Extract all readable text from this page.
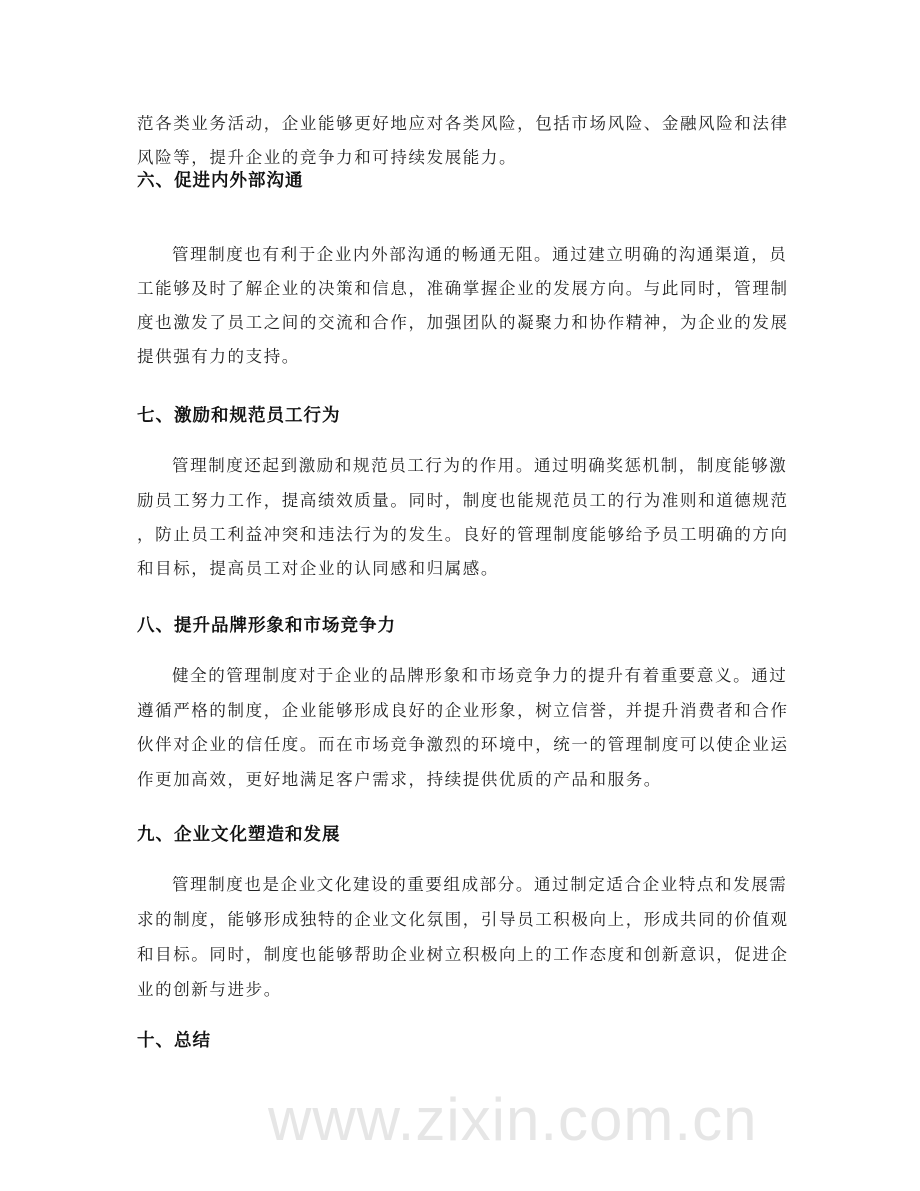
www.zixin.com.cn
范各类业务活动，企业能够更好地应对各类风险，包括市场风险、金融风险和法律
风险等，提升企业的竞争力和可持续发展能力。
六、促进内外部沟通
管理制度也有利于企业内外部沟通的畅通无阻。通过建立明确的沟通渠道，员
工能够及时了解企业的决策和信息，准确掌握企业的发展方向。与此同时，管理制
度也激发了员工之间的交流和合作，加强团队的凝聚力和协作精神，为企业的发展
提供强有力的支持。
七、激励和规范员工行为
管理制度还起到激励和规范员工行为的作用。通过明确奖惩机制，制度能够激
励员工努力工作，提高绩效质量。同时，制度也能规范员工的行为准则和道德规范
，防止员工利益冲突和违法行为的发生。良好的管理制度能够给予员工明确的方向
和目标，提高员工对企业的认同感和归属感。
八、提升品牌形象和市场竞争力
健全的管理制度对于企业的品牌形象和市场竞争力的提升有着重要意义。通过
遵循严格的制度，企业能够形成良好的企业形象，树立信誉，并提升消费者和合作
伙伴对企业的信任度。而在市场竞争激烈的环境中，统一的管理制度可以使企业运
作更加高效，更好地满足客户需求，持续提供优质的产品和服务。
九、企业文化塑造和发展
管理制度也是企业文化建设的重要组成部分。通过制定适合企业特点和发展需
求的制度，能够形成独特的企业文化氛围，引导员工积极向上，形成共同的价值观
和目标。同时，制度也能够帮助企业树立积极向上的工作态度和创新意识，促进企
业的创新与进步。
十、总结
